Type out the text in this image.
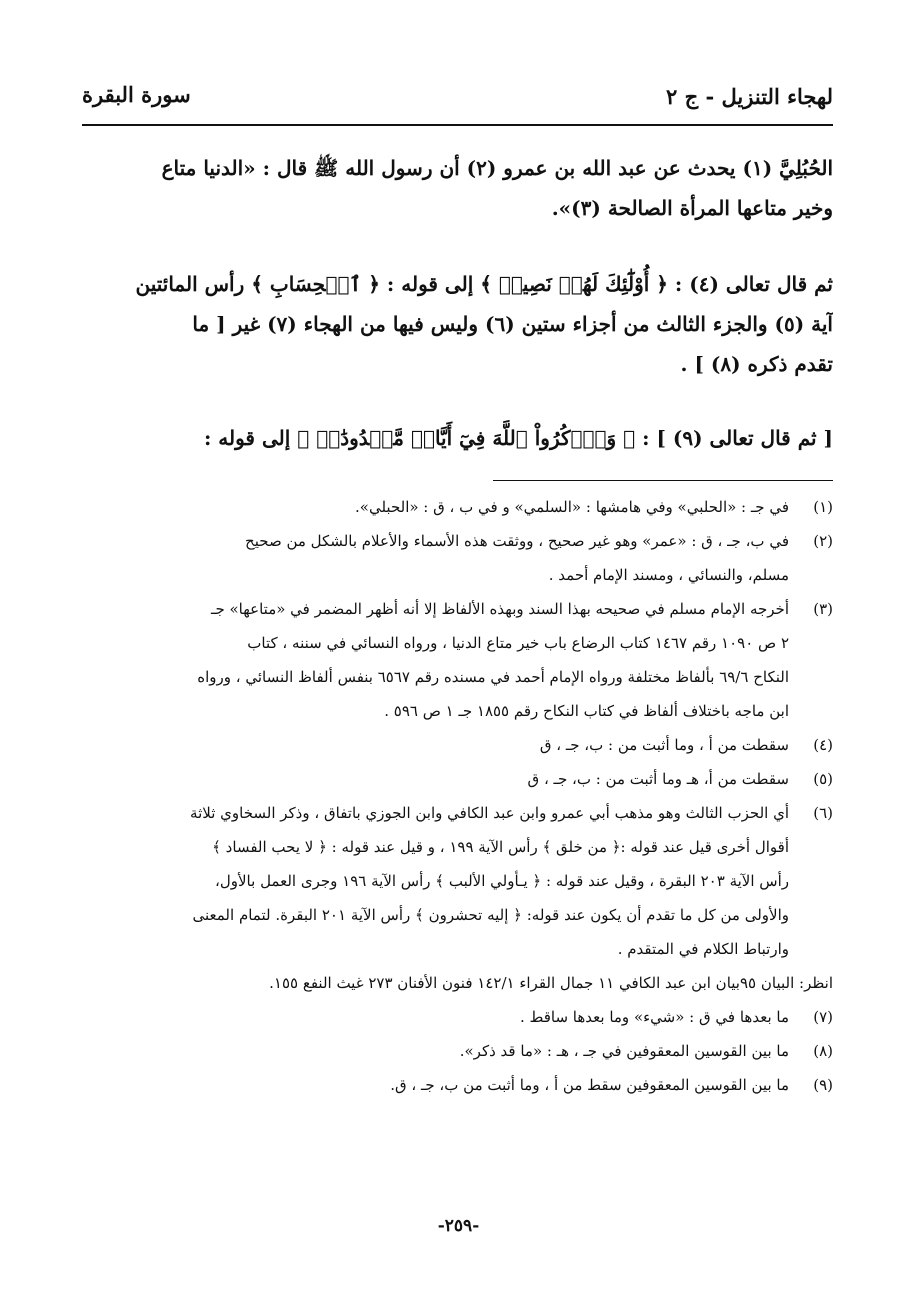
لهجاء التنزيل - ج ٢
سورة البقرة
الحُبُلِيَّ (١) يحدث عن عبد الله بن عمرو (٢) أن رسول الله ﷺ قال : «الدنيا متاع
وخير متاعها المرأة الصالحة (٣)».
ثم قال تعالى (٤) : ﴿ أُوْلَٰٓئِكَ لَهُمۡ نَصِيبٞ ﴾ إلى قوله : ﴿ ٱلۡحِسَابِ ﴾ رأس المائتين
آية (٥) والجزء الثالث من أجزاء ستين (٦) وليس فيها من الهجاء (٧) غير [ ما
تقدم ذكره (٨) ] .
[ ثم قال تعالى (٩) ] : ﴿ وَٱذۡكُرُواْ ٱللَّهَ فِيٓ أَيَّامٖ مَّعۡدُودَٰتٖ ﴾ إلى قوله :
(١)
في جـ : «الحلبي» وفي هامشها : «السلمي» و في ب ، ق : «الحبلي».
(٢)
في ب، جـ ، ق : «عمر» وهو غير صحيح ، ووثقت هذه الأسماء والأعلام بالشكل من صحيح
مسلم، والنسائي ، ومسند الإمام أحمد .
(٣)
أخرجه الإمام مسلم في صحيحه بهذا السند وبهذه الألفاظ إلا أنه أظهر المضمر في «متاعها» جـ
٢ ص ١٠٩٠ رقم ١٤٦٧ كتاب الرضاع باب خير متاع الدنيا ، ورواه النسائي في سننه ، كتاب
النكاح ٦٩/٦ بألفاظ مختلفة ورواه الإمام أحمد في مسنده رقم ٦٥٦٧ بنفس ألفاظ النسائي ، ورواه
ابن ماجه باختلاف ألفاظ في كتاب النكاح رقم ١٨٥٥ جـ ١ ص ٥٩٦ .
(٤)
سقطت من أ ، وما أثبت من : ب، جـ ، ق
(٥)
سقطت من أ، هـ وما أثبت من : ب، جـ ، ق
(٦)
أي الحزب الثالث وهو مذهب أبي عمرو وابن عبد الكافي وابن الجوزي باتفاق ، وذكر السخاوي ثلاثة
أقوال أخرى قيل عند قوله :﴿ من خلق ﴾ رأس الآية ١٩٩ ، و قيل عند قوله : ﴿ لا يحب الفساد ﴾
رأس الآية ٢٠٣ البقرة ، وقيل عند قوله : ﴿ يـأولي الألبب ﴾ رأس الآية ١٩٦ وجرى العمل بالأول،
والأولى من كل ما تقدم أن يكون عند قوله: ﴿ إليه تحشرون ﴾ رأس الآية ٢٠١ البقرة. لتمام المعنى
وارتباط الكلام في المتقدم .
انظر: البيان ٩٥بيان ابن عبد الكافي ١١ جمال القراء ١٤٢/١ فنون الأفنان ٢٧٣ غيث النفع ١٥٥.
(٧)
ما بعدها في ق : «شيء» وما بعدها ساقط .
(٨)
ما بين القوسين المعقوفين في جـ ، هـ : «ما قد ذكر».
(٩)
ما بين القوسين المعقوفين سقط من أ ، وما أثبت من ب، جـ ، ق.
-٢٥٩-
